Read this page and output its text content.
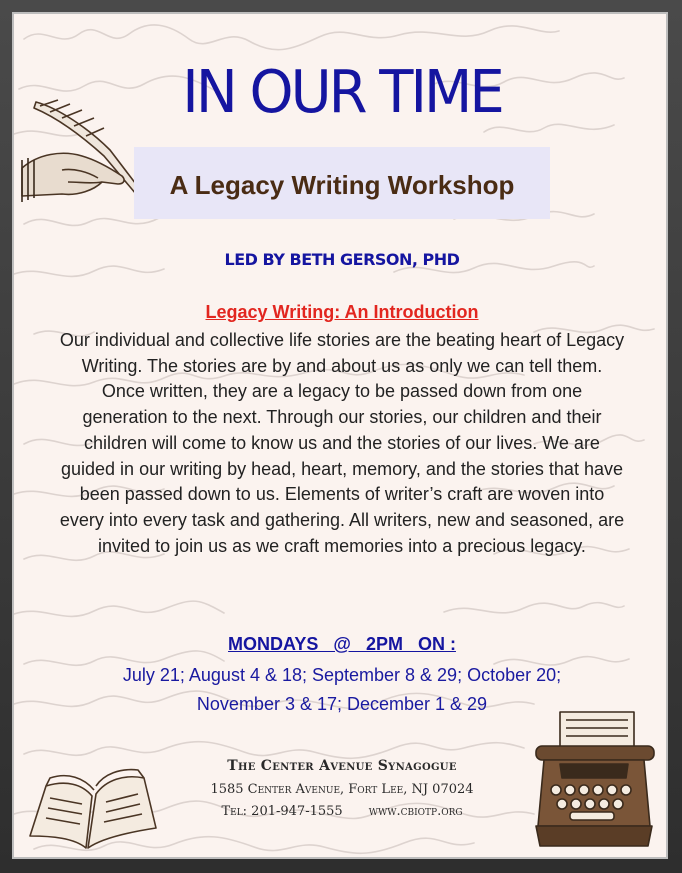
IN OUR TIME
A Legacy Writing Workshop
LED BY BETH GERSON, PHD
Legacy Writing: An Introduction
Our individual and collective life stories are the beating heart of Legacy Writing. The stories are by and about us as only we can tell them. Once written, they are a legacy to be passed down from one generation to the next. Through our stories, our children and their children will come to know us and the stories of our lives. We are guided in our writing by head, heart, memory, and the stories that have been passed down to us. Elements of writer’s craft are woven into every into every task and gathering. All writers, new and seasoned, are invited to join us as we craft memories into a precious legacy.
MONDAYS   @   2PM   ON :
July 21; August 4 & 18; September 8 & 29; October 20;
November 3 & 17; December 1 & 29
The Center Avenue Synagogue
1585 Center Avenue, Fort Lee, NJ 07024
Tel: 201-947-1555 www.cbiotp.org
